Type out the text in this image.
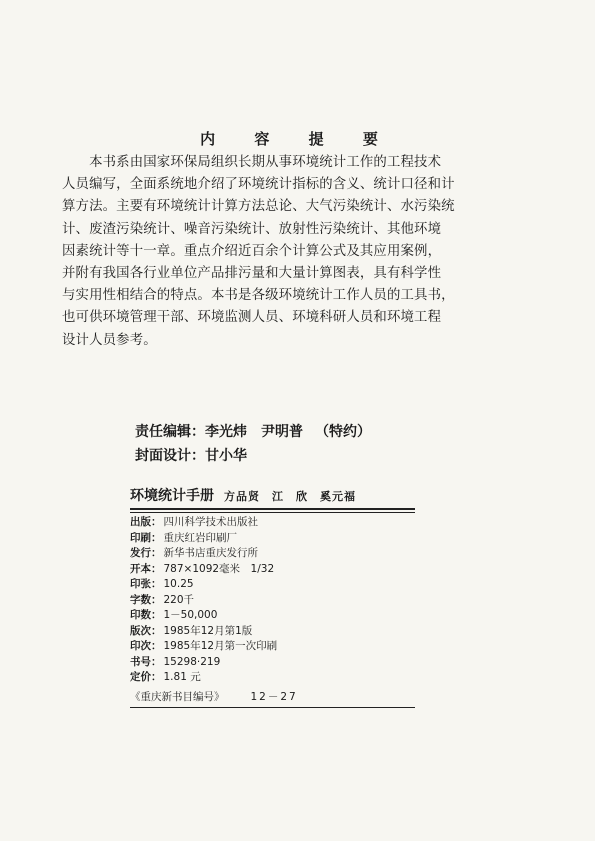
内 容 提 要
　　本书系由国家环保局组织长期从事环境统计工作的工程技术
人员编写，全面系统地介绍了环境统计指标的含义、统计口径和计
算方法。主要有环境统计计算方法总论、大气污染统计、水污染统
计、废渣污染统计、噪音污染统计、放射性污染统计、其他环境
因素统计等十一章。重点介绍近百余个计算公式及其应用案例，
并附有我国各行业单位产品排污量和大量计算图表，具有科学性
与实用性相结合的特点。本书是各级环境统计工作人员的工具书，
也可供环境管理干部、环境监测人员、环境科研人员和环境工程
设计人员参考。
责任编辑：李光炜 尹明普 （特约）
封面设计：甘小华
环境统计手册 方品贤　江　欣　奚元福
出版： 四川科学技术出版社
印刷： 重庆红岩印刷厂
发行： 新华书店重庆发行所
开本： 787×1092毫米　1/32
印张： 10.25
字数： 220千
印数： 1－50,000
版次： 1985年12月第1版
印次： 1985年12月第一次印刷
书号： 15298·219
定价： 1.81 元
《重庆新书目编号》 12－27
